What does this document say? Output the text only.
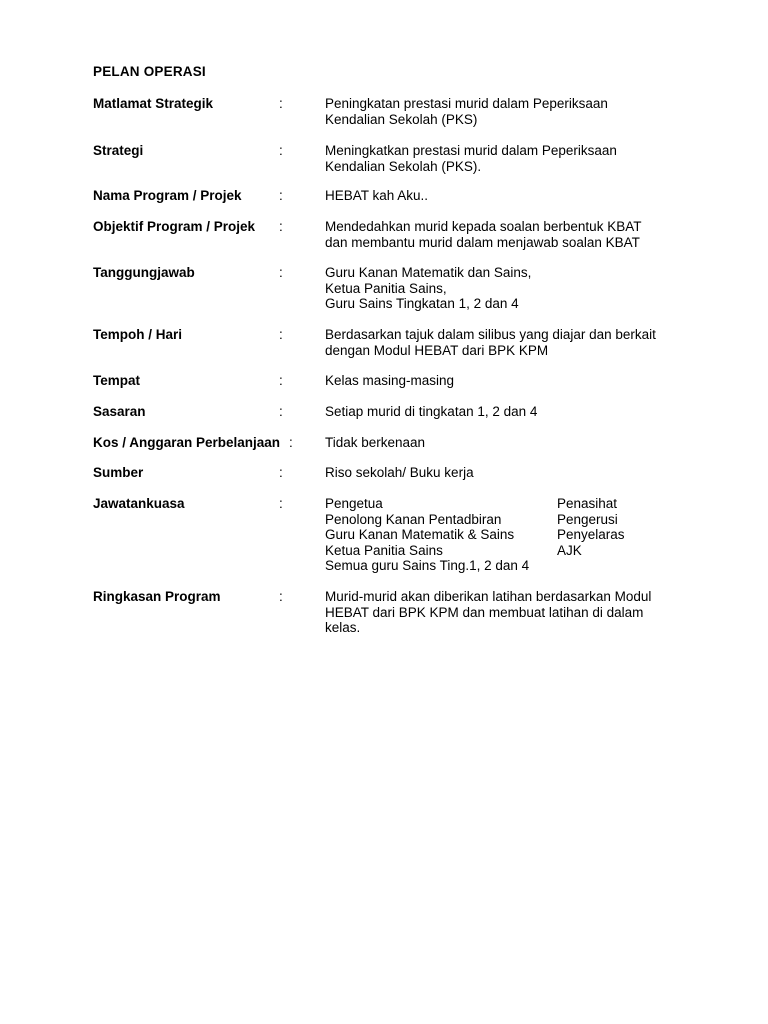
PELAN OPERASI
Matlamat Strategik	:	Peningkatan prestasi murid dalam Peperiksaan
Kendalian Sekolah (PKS)
Strategi	:	Meningkatkan prestasi murid dalam Peperiksaan
Kendalian Sekolah (PKS).
Nama Program / Projek	:	HEBAT kah Aku..
Objektif Program / Projek :	Mendedahkan murid kepada soalan berbentuk KBAT
dan membantu murid dalam menjawab soalan KBAT
Tanggungjawab	:	Guru Kanan Matematik dan Sains,
Ketua Panitia Sains,
Guru Sains Tingkatan 1, 2 dan 4
Tempoh / Hari	:	Berdasarkan tajuk dalam silibus yang diajar dan berkait
dengan Modul HEBAT dari BPK KPM
Tempat	:	Kelas masing-masing
Sasaran	:	Setiap murid di tingkatan 1, 2 dan 4
Kos / Anggaran Perbelanjaan : Tidak berkenaan
Sumber	:	Riso sekolah/ Buku kerja
Jawatankuasa	:	Pengetua	Penasihat
Penolong Kanan Pentadbiran	Pengerusi
Guru Kanan Matematik & Sains	Penyelaras
Ketua Panitia Sains	AJK
Semua guru Sains Ting.1, 2 dan 4
Ringkasan Program	:	Murid-murid akan diberikan latihan berdasarkan Modul
HEBAT dari BPK KPM dan membuat latihan di dalam
kelas.
